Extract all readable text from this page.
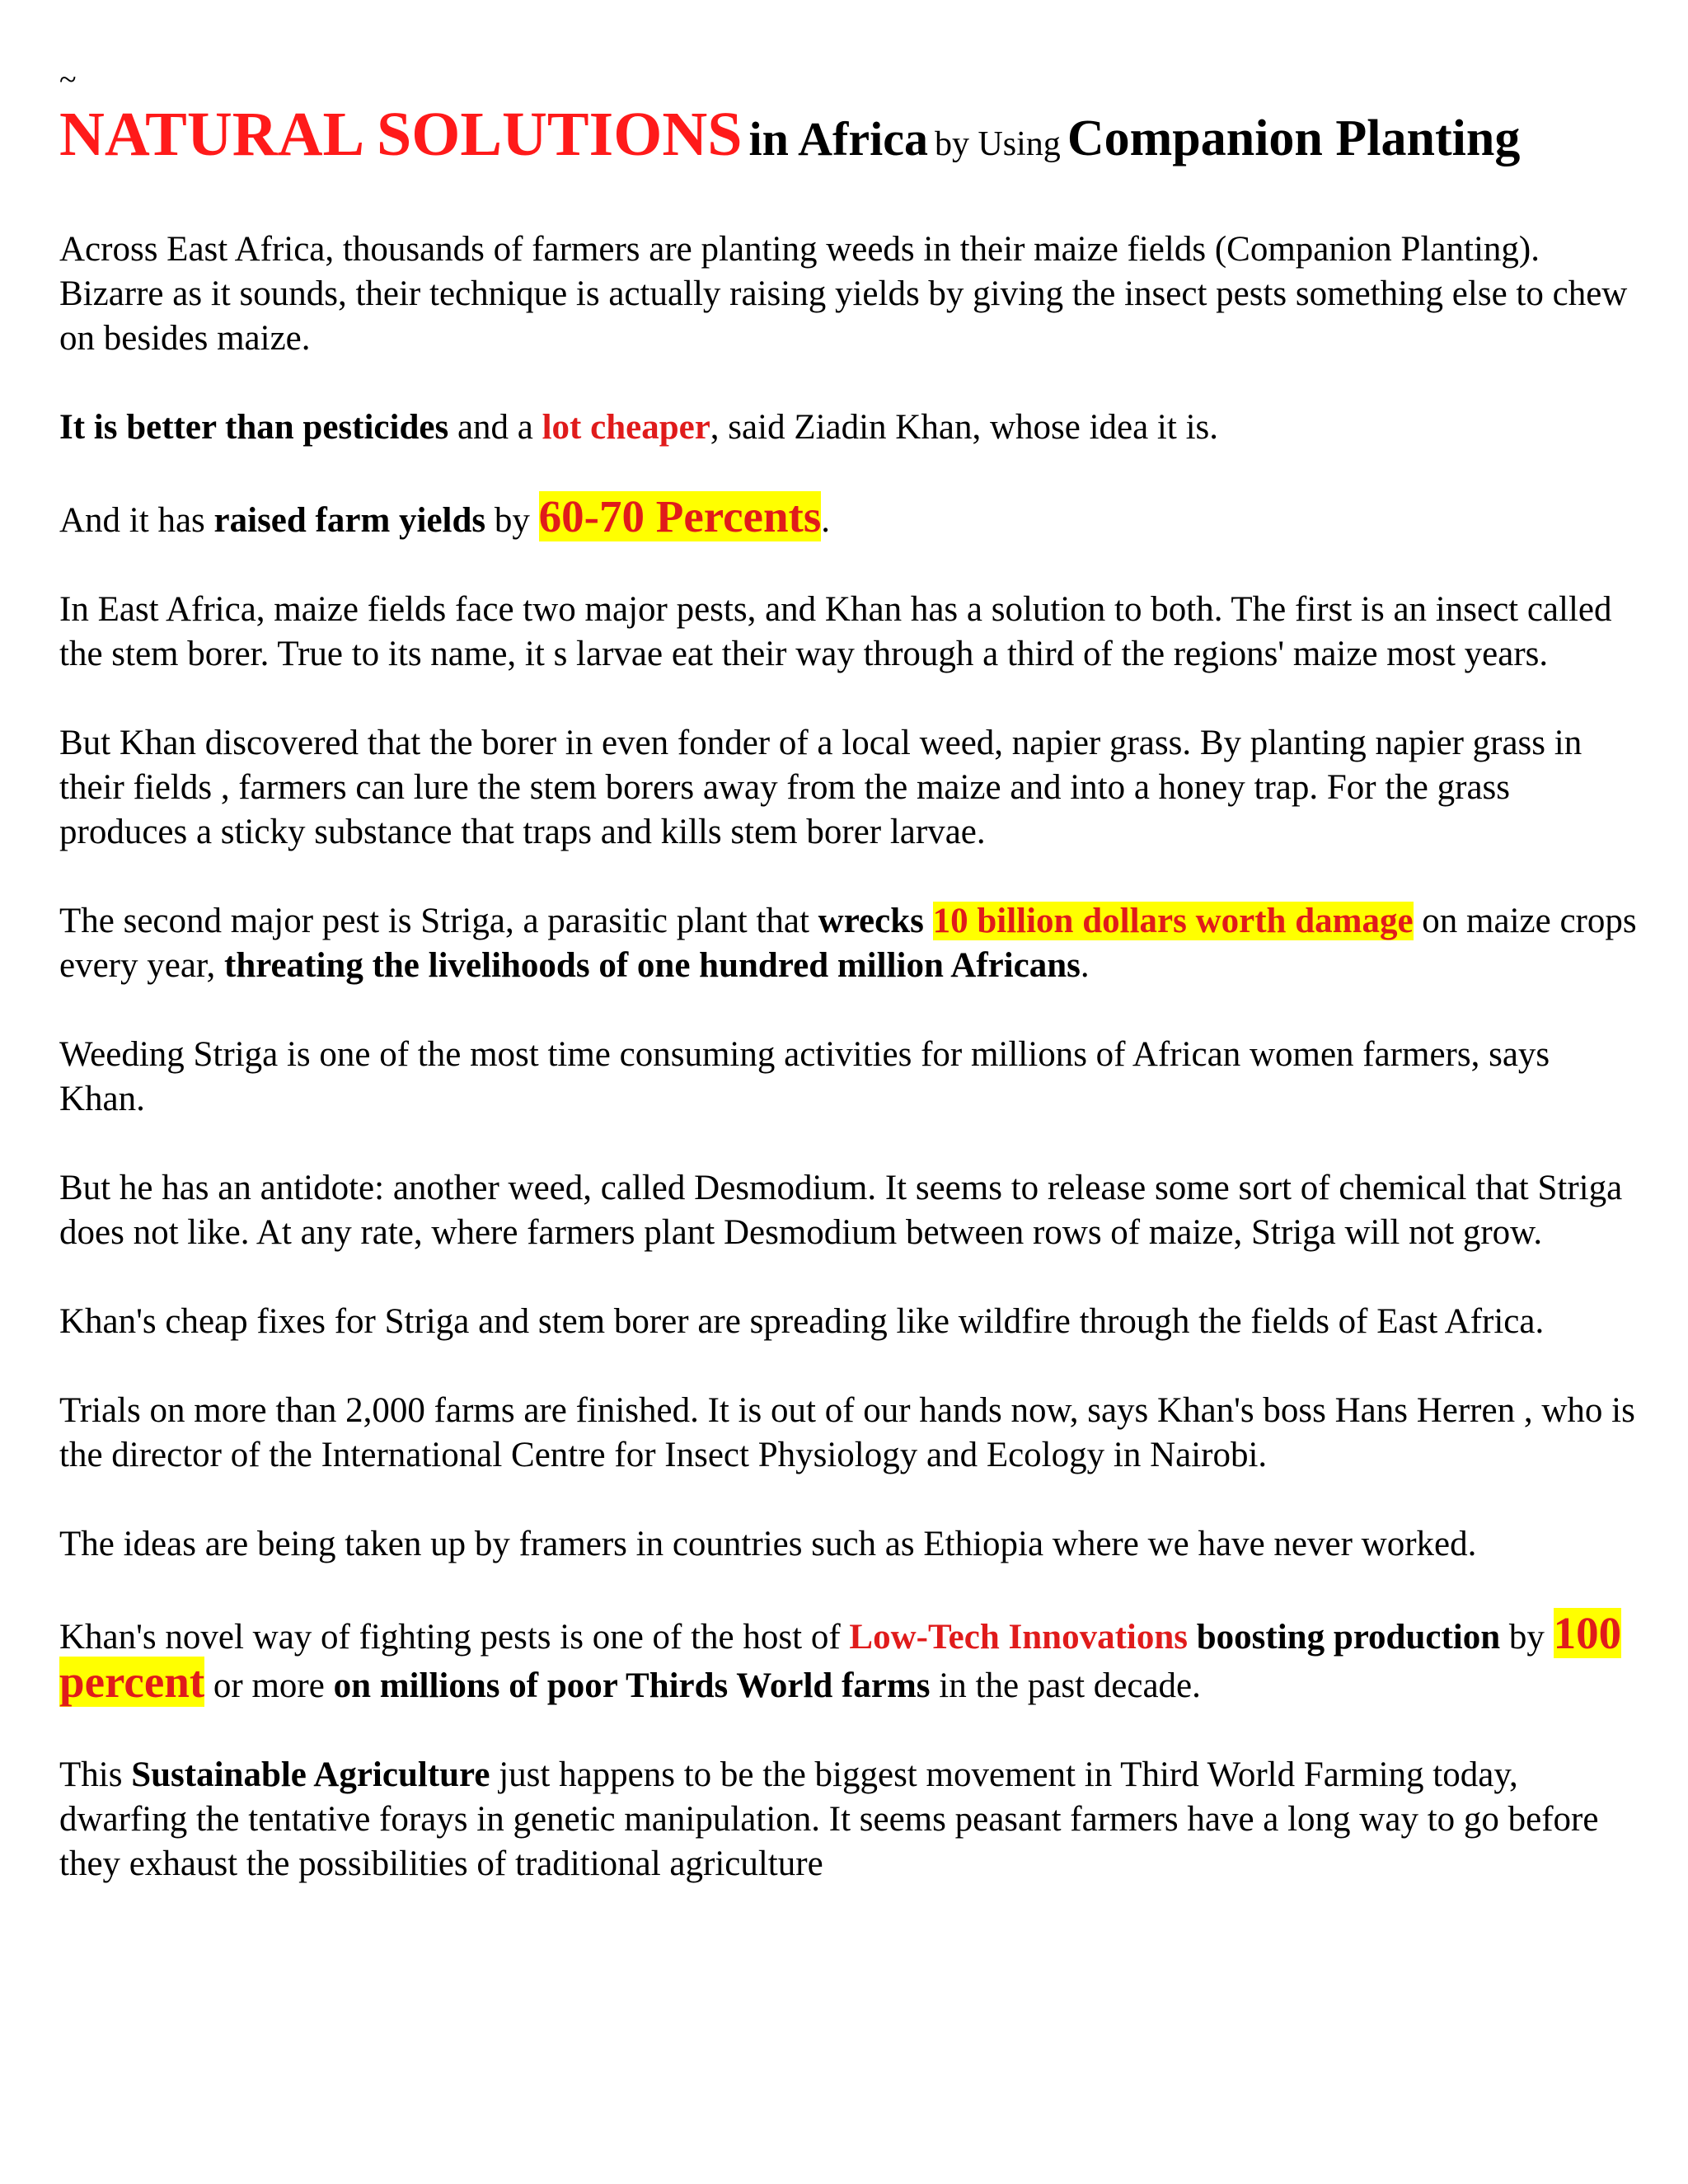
~
NATURAL SOLUTIONS in Africa by Using Companion Planting

Across East Africa, thousands of farmers are planting weeds in their maize fields (Companion Planting). Bizarre as it sounds, their technique is actually raising yields by giving the insect pests something else to chew on besides maize.

It is better than pesticides and a lot cheaper, said Ziadin Khan, whose idea it is.

And it has raised farm yields by 60-70 Percents.

In East Africa, maize fields face two major pests, and Khan has a solution to both. The first is an insect called the stem borer. True to its name, it s larvae eat their way through a third of the regions' maize most years.

But Khan discovered that the borer in even fonder of a local weed, napier grass. By planting napier grass in their fields , farmers can lure the stem borers away from the maize and into a honey trap. For the grass produces a sticky substance that traps and kills stem borer larvae.

The second major pest is Striga, a parasitic plant that wrecks 10 billion dollars worth damage on maize crops every year, threating the livelihoods of one hundred million Africans.

Weeding Striga is one of the most time consuming activities for millions of African women farmers, says Khan.

But he has an antidote: another weed, called Desmodium. It seems to release some sort of chemical that Striga does not like. At any rate, where farmers plant Desmodium between rows of maize, Striga will not grow.

Khan's cheap fixes for Striga and stem borer are spreading like wildfire through the fields of East Africa.

Trials on more than 2,000 farms are finished. It is out of our hands now, says Khan's boss Hans Herren , who is the director of the International Centre for Insect Physiology and Ecology in Nairobi.

The ideas are being taken up by framers in countries such as Ethiopia where we have never worked.

Khan's novel way of fighting pests is one of the host of Low-Tech Innovations boosting production by 100 percent or more on millions of poor Thirds World farms in the past decade.

This Sustainable Agriculture just happens to be the biggest movement in Third World Farming today, dwarfing the tentative forays in genetic manipulation. It seems peasant farmers have a long way to go before they exhaust the possibilities of traditional agriculture
